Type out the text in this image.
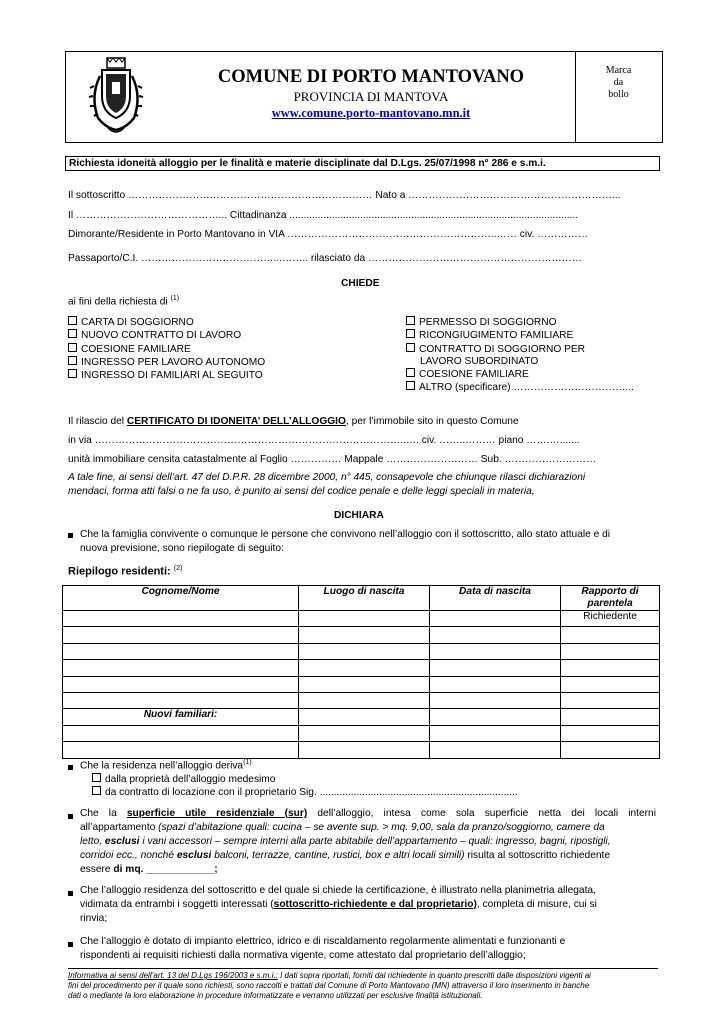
COMUNE DI PORTO MANTOVANO
PROVINCIA DI MANTOVA
www.comune.porto-mantovano.mn.it
Marca
da
bollo
Richiesta idoneità alloggio per le finalità e materie disciplinate dal D.Lgs. 25/07/1998 n° 286 e s.m.i.
Il sottoscritto ……………………………………………………………… Nato a ……………………………………………………...
Il ……………………………………... Cittadinanza ......................................................................................................
Dimorante/Residente in Porto Mantovano in VIA ……………………………………………………..…… civ. ……………
Passaporto/C.I. …………………………………...…….. rilasciato da ………………………………………………………
CHIEDE
ai fini della richiesta di $^{(1)}$
CARTA DI SOGGIORNO
NUOVO CONTRATTO DI LAVORO
COESIONE FAMILIARE
INGRESSO PER LAVORO AUTONOMO
INGRESSO DI FAMILIARI AL SEGUITO
PERMESSO DI SOGGIORNO
RICONGIUGIMENTO FAMILIARE
CONTRATTO DI SOGGIORNO PER
LAVORO SUBORDINATO
COESIONE FAMILIARE
ALTRO (specificare) ……………………………...
Il rilascio del CERTIFICATO DI IDONEITA’ DELL’ALLOGGIO, per l’immobile sito in questo Comune
in via ………………………………………………………………………………..…. civ. ……..……… piano …….….......
unità immobiliare censita catastalmente al Foglio …………… Mappale ……………………… Sub. ………………………
A tale fine, ai sensi dell’art. 47 del D.P.R. 28 dicembre 2000, n° 445, consapevole che chiunque rilasci dichiarazioni
mendaci, forma atti falsi o ne fa uso, è punito ai sensi del codice penale e delle leggi speciali in materia,
DICHIARA
Che la famiglia convivente o comunque le persone che convivono nell’alloggio con il sottoscritto, allo stato attuale e di
nuova previsione, sono riepilogate di seguito:
Riepilogo residenti: $^{(2)}$
Cognome/Nome	Luogo di nascita	Data di nascita	Rapporto di parentela
			Richiedente

Nuovi familiari:			

Che la residenza nell’alloggio deriva$^{(1)}$
dalla proprietà dell’alloggio medesimo
da contratto di locazione con il proprietario Sig. ......................................................................
Che la superficie utile residenziale (sur) dell’alloggio, intesa come sola superficie netta dei locali interni
all’appartamento (spazi d’abitazione quali: cucina – se avente sup. > mq. 9,00, sala da pranzo/soggiorno, camere da
letto, esclusi i vani accessori – sempre interni alla parte abitabile dell’appartamento – quali: ingresso, bagni, ripostigli,
corridoi ecc., nonché esclusi balconi, terrazze, cantine, rustici, box e altri locali simili) risulta al sottoscritto richiedente
essere di mq. ____________;
Che l’alloggio residenza del sottoscritto e del quale si chiede la certificazione, è illustrato nella planimetria allegata,
vidimata da entrambi i soggetti interessati (sottoscritto-richiedente e dal proprietario), completa di misure, cui si
rinvia;
Che l’alloggio è dotato di impianto elettrico, idrico e di riscaldamento regolarmente alimentati e funzionanti e
rispondenti ai requisiti richiesti dalla normativa vigente, come attestato dal proprietario dell’alloggio;
Informativa ai sensi dell’art. 13 del D.Lgs 196/2003 e s.m.i.: I dati sopra riportati, forniti dal richiedente in quanto prescritti dalle disposizioni vigenti ai
fini del procedimento per il quale sono richiesti, sono raccolti e trattati dal Comune di Porto Mantovano (MN) attraverso il loro inserimento in banche
dati o mediante la loro elaborazione in procedure informatizzate e verranno utilizzati per esclusive finalità istituzionali.
